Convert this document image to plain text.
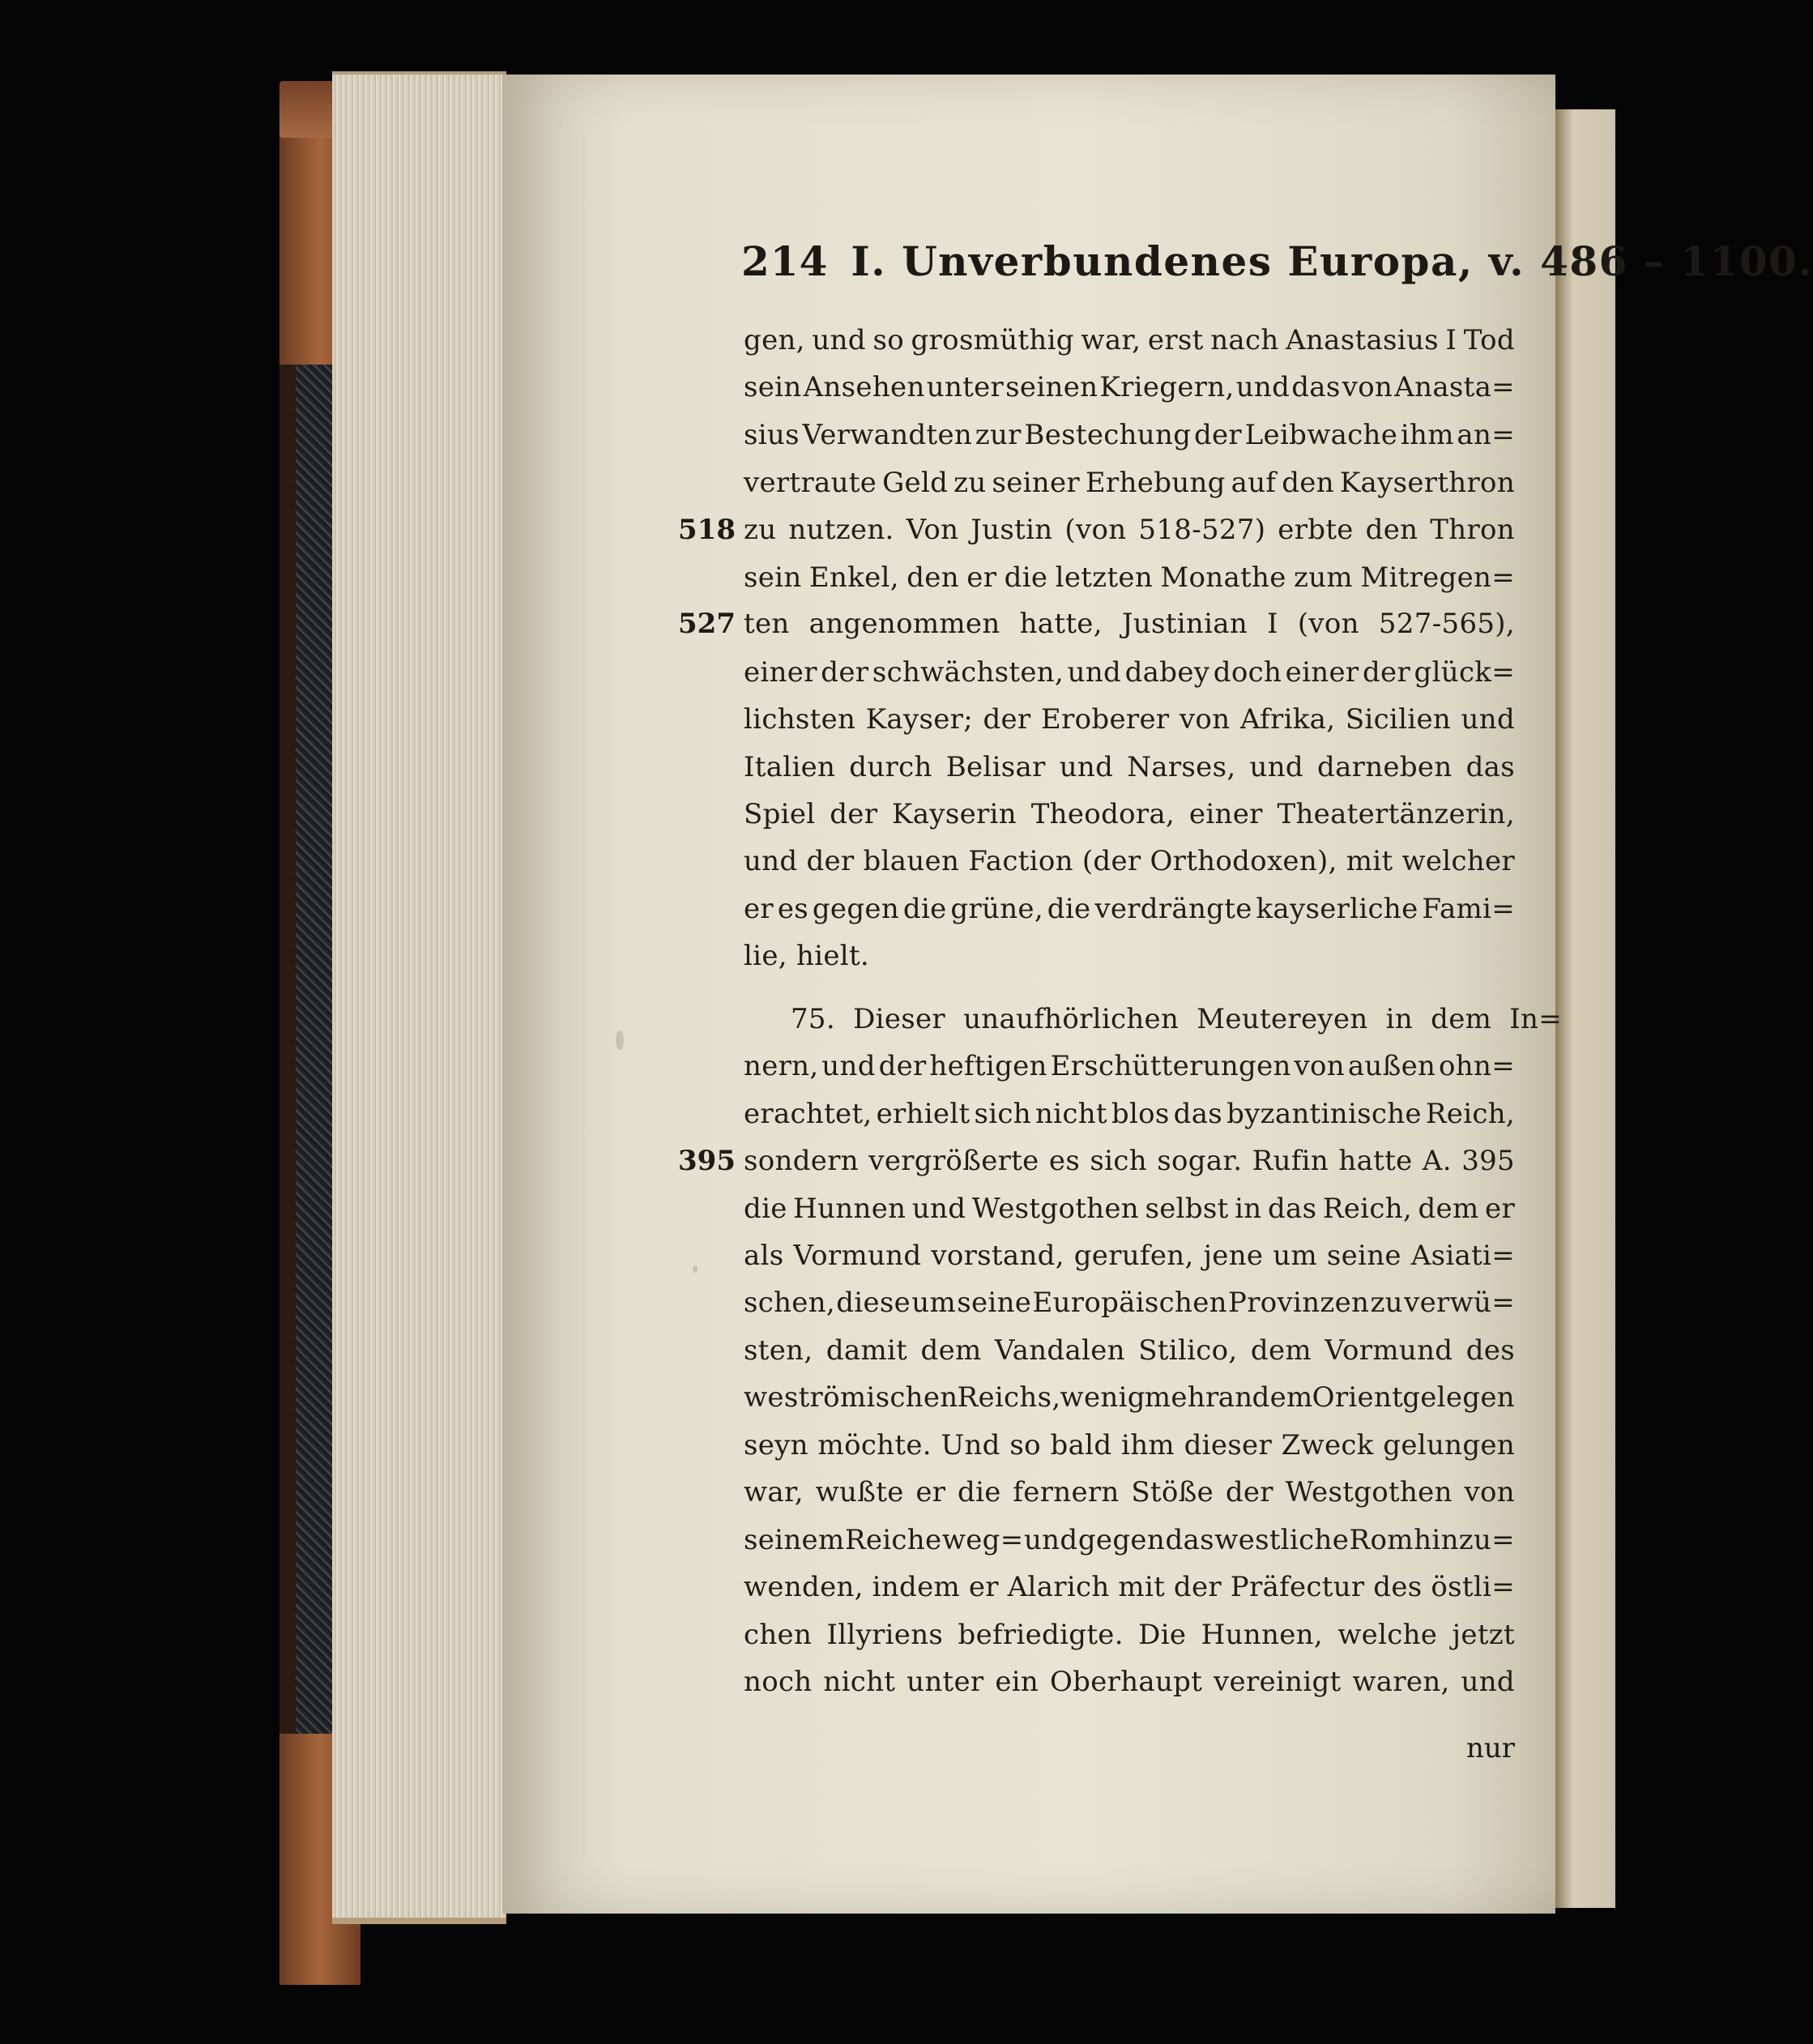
214 I. Unverbundenes Europa, v. 486 – 1100.
518
527
395
gen, und so grosmüthig war, erst nach Anastasius I Tod
sein Ansehen unter seinen Kriegern, und das von Anasta=
sius Verwandten zur Bestechung der Leibwache ihm an=
vertraute Geld zu seiner Erhebung auf den Kayserthron
zu nutzen. Von Justin (von 518-527) erbte den Thron
sein Enkel, den er die letzten Monathe zum Mitregen=
ten angenommen hatte, Justinian I (von 527-565),
einer der schwächsten, und dabey doch einer der glück=
lichsten Kayser; der Eroberer von Afrika, Sicilien und
Italien durch Belisar und Narses, und darneben das
Spiel der Kayserin Theodora, einer Theatertänzerin,
und der blauen Faction (der Orthodoxen), mit welcher
er es gegen die grüne, die verdrängte kayserliche Fami=
lie, hielt.
75. Dieser unaufhörlichen Meutereyen in dem In=
nern, und der heftigen Erschütterungen von außen ohn=
erachtet, erhielt sich nicht blos das byzantinische Reich,
sondern vergrößerte es sich sogar. Rufin hatte A. 395
die Hunnen und Westgothen selbst in das Reich, dem er
als Vormund vorstand, gerufen, jene um seine Asiati=
schen, diese um seine Europäischen Provinzen zu verwü=
sten, damit dem Vandalen Stilico, dem Vormund des
weströmischen Reichs, wenig mehr an dem Orient gelegen
seyn möchte. Und so bald ihm dieser Zweck gelungen
war, wußte er die fernern Stöße der Westgothen von
seinem Reiche weg= und gegen das westliche Rom hinzu=
wenden, indem er Alarich mit der Präfectur des östli=
chen Illyriens befriedigte. Die Hunnen, welche jetzt
noch nicht unter ein Oberhaupt vereinigt waren, und
nur
